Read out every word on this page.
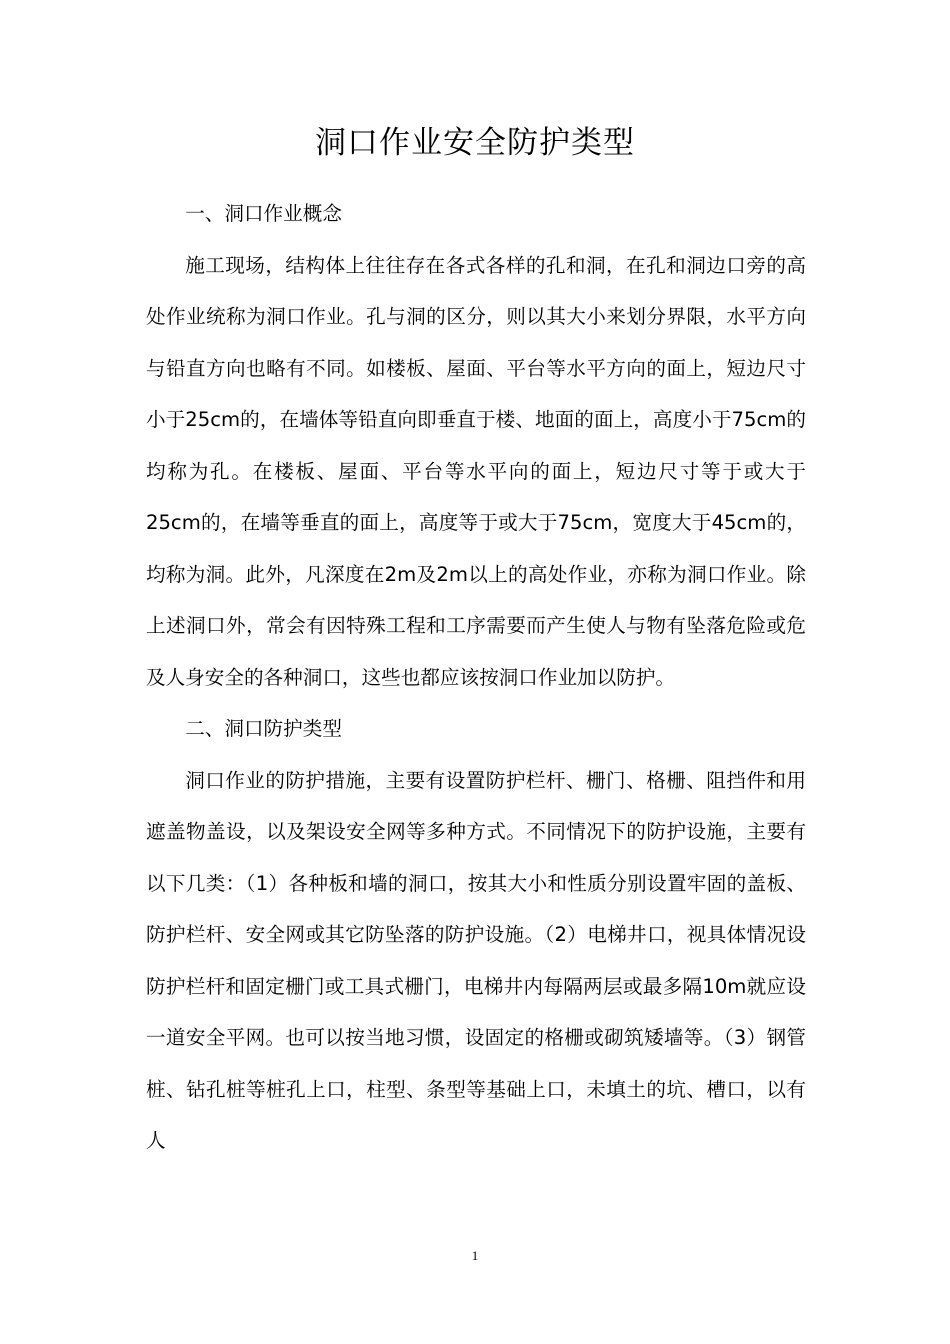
洞口作业安全防护类型

一、洞口作业概念

施工现场，结构体上往往存在各式各样的孔和洞，在孔和洞边口旁的高处作业统称为洞口作业。孔与洞的区分，则以其大小来划分界限，水平方向与铅直方向也略有不同。如楼板、屋面、平台等水平方向的面上，短边尺寸小于25cm的，在墙体等铅直向即垂直于楼、地面的面上，高度小于75cm的均称为孔。在楼板、屋面、平台等水平向的面上，短边尺寸等于或大于25cm的，在墙等垂直的面上，高度等于或大于75cm，宽度大于45cm的，均称为洞。此外，凡深度在2m及2m以上的高处作业，亦称为洞口作业。除上述洞口外，常会有因特殊工程和工序需要而产生使人与物有坠落危险或危及人身安全的各种洞口，这些也都应该按洞口作业加以防护。

二、洞口防护类型

洞口作业的防护措施，主要有设置防护栏杆、栅门、格栅、阻挡件和用遮盖物盖设，以及架设安全网等多种方式。不同情况下的防护设施，主要有以下几类：（1）各种板和墙的洞口，按其大小和性质分别设置牢固的盖板、防护栏杆、安全网或其它防坠落的防护设施。（2）电梯井口，视具体情况设防护栏杆和固定栅门或工具式栅门，电梯井内每隔两层或最多隔10m就应设一道安全平网。也可以按当地习惯，设固定的格栅或砌筑矮墙等。（3）钢管桩、钻孔桩等桩孔上口，柱型、条型等基础上口，未填土的坑、槽口，以有人

1
